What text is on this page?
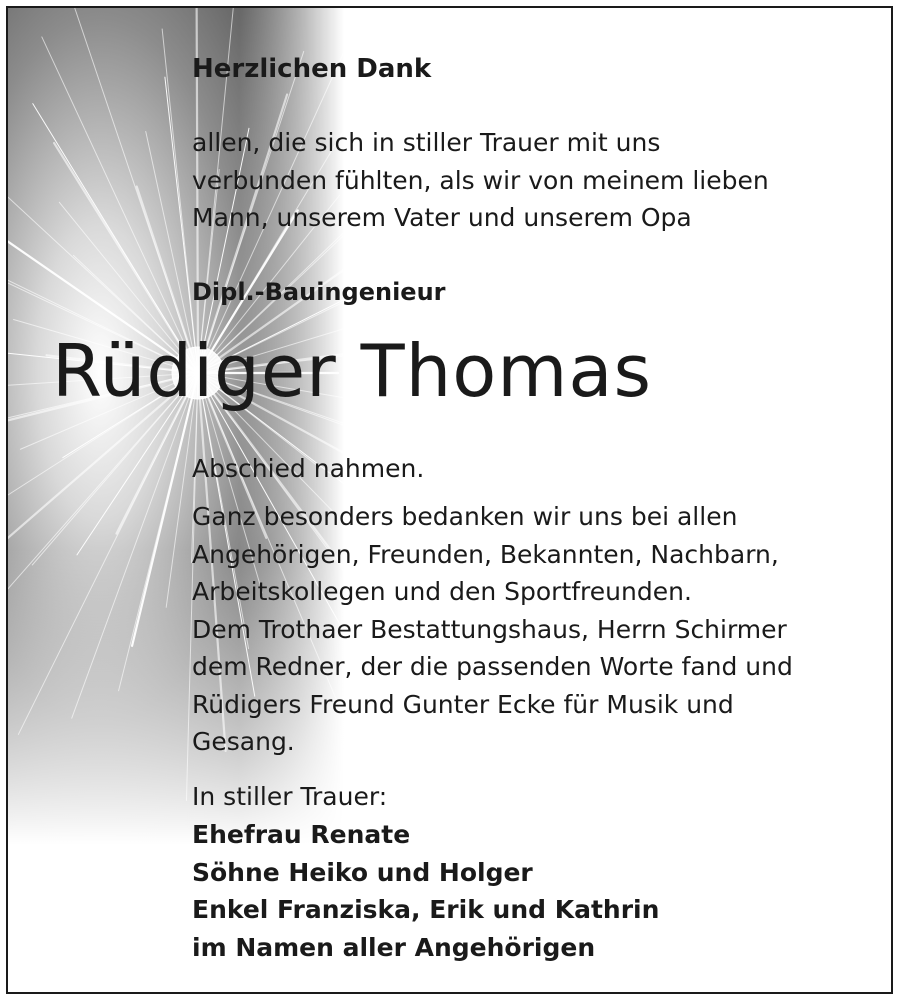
Herzlichen Dank
allen, die sich in stiller Trauer mit uns
verbunden fühlten, als wir von meinem lieben
Mann, unserem Vater und unserem Opa
Dipl.-Bauingenieur
Rüdiger Thomas
Abschied nahmen.
Ganz besonders bedanken wir uns bei allen
Angehörigen, Freunden, Bekannten, Nachbarn,
Arbeitskollegen und den Sportfreunden.
Dem Trothaer Bestattungshaus, Herrn Schirmer
dem Redner, der die passenden Worte fand und
Rüdigers Freund Gunter Ecke für Musik und
Gesang.
In stiller Trauer:
Ehefrau Renate
Söhne Heiko und Holger
Enkel Franziska, Erik und Kathrin
im Namen aller Angehörigen
